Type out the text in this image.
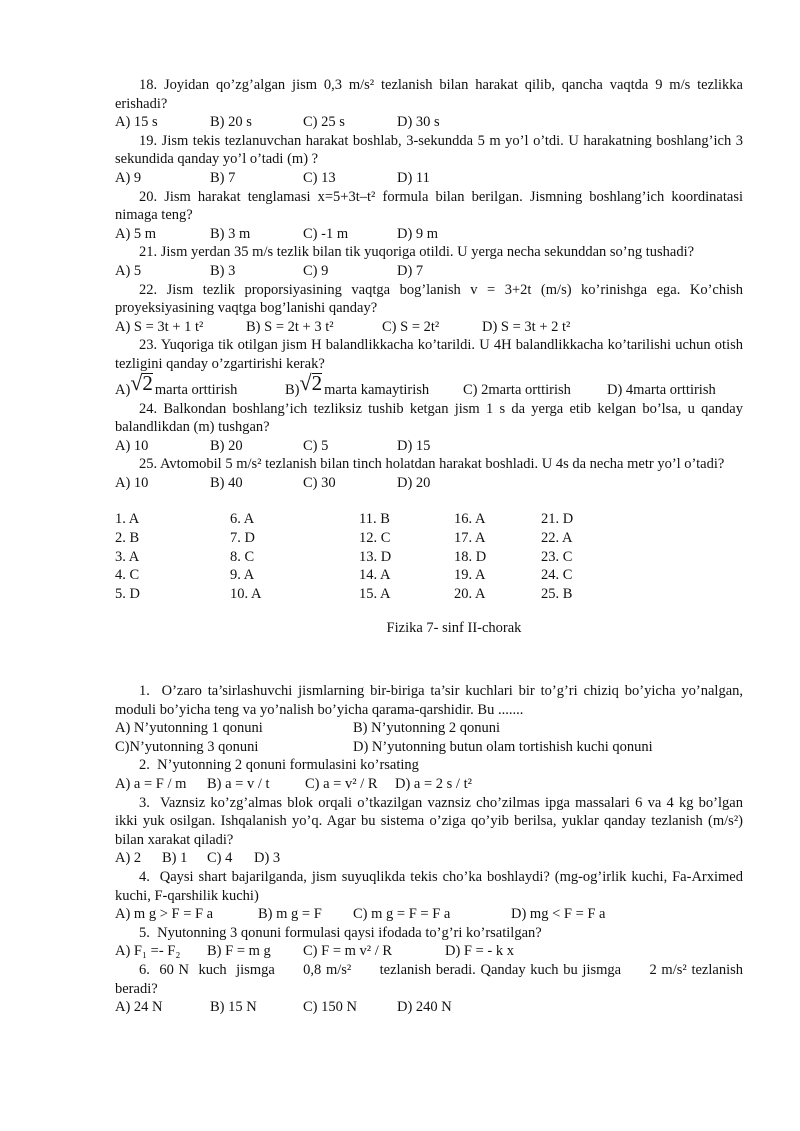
18. Joyidan qo’zg’algan jism 0,3 m/s² tezlanish bilan harakat qilib, qancha vaqtda 9 m/s tezlikka erishadi?
A) 15 s	B) 20 s	C) 25 s	D) 30 s
19. Jism tekis tezlanuvchan harakat boshlab, 3-sekundda 5 m yo’l o’tdi. U harakatning boshlang’ich 3 sekundida qanday yo’l o’tadi (m) ?
A) 9	B) 7	C) 13	D) 11
20. Jism harakat tenglamasi x=5+3t–t² formula bilan berilgan. Jismning boshlang’ich koordinatasi nimaga teng?
A) 5 m	B) 3 m	C) -1 m	D) 9 m
21. Jism yerdan 35 m/s tezlik bilan tik yuqoriga otildi. U yerga necha sekunddan so’ng tushadi?
A) 5	B) 3	C) 9	D) 7
22. Jism tezlik proporsiyasining vaqtga bog’lanish v = 3+2t (m/s) ko’rinishga ega. Ko’chish proyeksiyasining vaqtga bog’lanishi qanday?
A) S = 3t + 1 t²	B) S = 2t + 3 t²	C) S = 2t²	D) S = 3t + 2 t²
23. Yuqoriga tik otilgan jism H balandlikkacha ko’tarildi. U 4H balandlikkacha ko’tarilishi uchun otish tezligini qanday o’zgartirishi kerak?
A)√2 marta orttirish	B)√2 marta kamaytirish	C) 2marta orttirish	D) 4marta orttirish
24. Balkondan boshlang’ich tezliksiz tushib ketgan jism 1 s da yerga etib kelgan bo’lsa, u qanday balandlikdan (m) tushgan?
A) 10	B) 20	C) 5	D) 15
25. Avtomobil 5 m/s² tezlanish bilan tinch holatdan harakat boshladi. U 4s da necha metr yo’l o’tadi?
A) 10	B) 40	C) 30	D) 20
1. A	6. A	11. B	16. A	21. D
2. B	7. D	12. C	17. A	22. A
3. A	8. C	13. D	18. D	23. C
4. C	9. A	14. A	19. A	24. C
5. D	10. A	15. A	20. A	25. B
Fizika 7- sinf II-chorak
1. O’zaro ta’sirlashuvchi jismlarning bir-biriga ta’sir kuchlari bir to’g’ri chiziq bo’yicha yo’nalgan, moduli bo’yicha teng va yo’nalish bo’yicha qarama-qarshidir. Bu .......
A) N’yutonning 1 qonuni	B) N’yutonning 2 qonuni
C)N’yutonning 3 qonuni	D) N’yutonning butun olam tortishish kuchi qonuni
2. N’yutonning 2 qonuni formulasini ko’rsating
A) a = F / m	B) a = v / t	C) a = v² / R	D) a = 2 s / t²
3. Vaznsiz ko’zg’almas blok orqali o’tkazilgan vaznsiz cho’zilmas ipga massalari 6 va 4 kg bo’lgan ikki yuk osilgan. Ishqalanish yo’q. Agar bu sistema o’ziga qo’yib berilsa, yuklar qanday tezlanish (m/s²) bilan xarakat qiladi?
A) 2	B) 1	C) 4	D) 3
4. Qaysi shart bajarilganda, jism suyuqlikda tekis cho’ka boshlaydi? (mg-og’irlik kuchi, Fa-Arximed kuchi, F-qarshilik kuchi)
A) m g > F = F a	B) m g = F	C) m g = F = F a	D) mg < F = F a
5. Nyutonning 3 qonuni formulasi qaysi ifodada to’g’ri ko’rsatilgan?
A) F₁ =- F₂	B) F = m g	C) F = m v² / R	D) F = - k x
6. 60 N  kuch  jismga      0,8 m/s²      tezlanish beradi. Qanday kuch bu jismga      2 m/s² tezlanish beradi?
A) 24 N	B) 15 N	C) 150 N	D) 240 N
